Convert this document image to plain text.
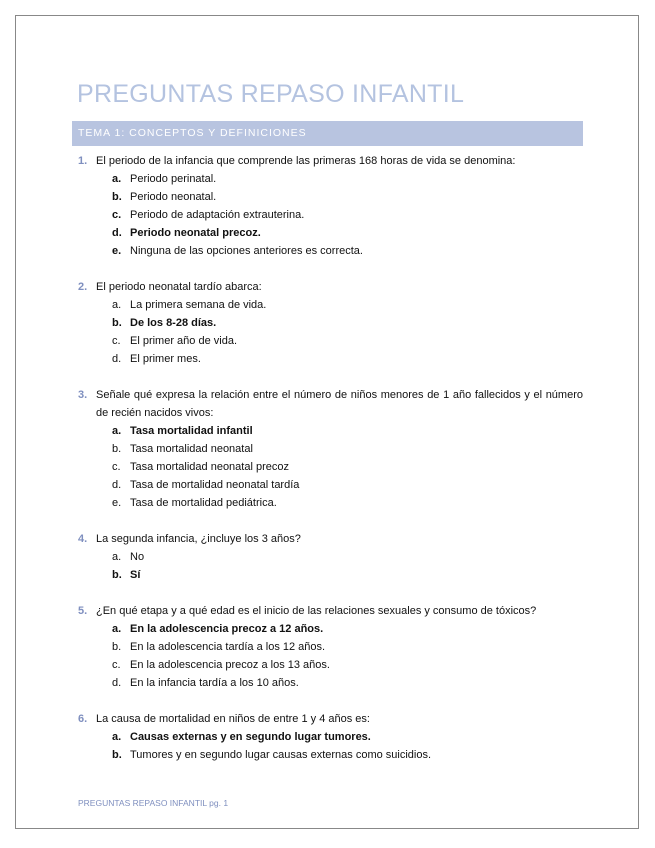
PREGUNTAS REPASO INFANTIL
TEMA 1: CONCEPTOS Y DEFINICIONES
1. El periodo de la infancia que comprende las primeras 168 horas de vida se denomina:
a. Periodo perinatal.
b. Periodo neonatal.
c. Periodo de adaptación extrauterina.
d. Periodo neonatal precoz.
e. Ninguna de las opciones anteriores es correcta.
2. El periodo neonatal tardío abarca:
a. La primera semana de vida.
b. De los 8-28 días.
c. El primer año de vida.
d. El primer mes.
3. Señale qué expresa la relación entre el número de niños menores de 1 año fallecidos y el número de recién nacidos vivos:
a. Tasa mortalidad infantil
b. Tasa mortalidad neonatal
c. Tasa mortalidad neonatal precoz
d. Tasa de mortalidad neonatal tardía
e. Tasa de mortalidad pediátrica.
4. La segunda infancia, ¿incluye los 3 años?
a. No
b. Sí
5. ¿En qué etapa y a qué edad es el inicio de las relaciones sexuales y consumo de tóxicos?
a. En la adolescencia precoz a 12 años.
b. En la adolescencia tardía a los 12 años.
c. En la adolescencia precoz a los 13 años.
d. En la infancia tardía a los 10 años.
6. La causa de mortalidad en niños de entre 1 y 4 años es:
a. Causas externas y en segundo lugar tumores.
b. Tumores y en segundo lugar causas externas como suicidios.
PREGUNTAS REPASO INFANTIL pg. 1
